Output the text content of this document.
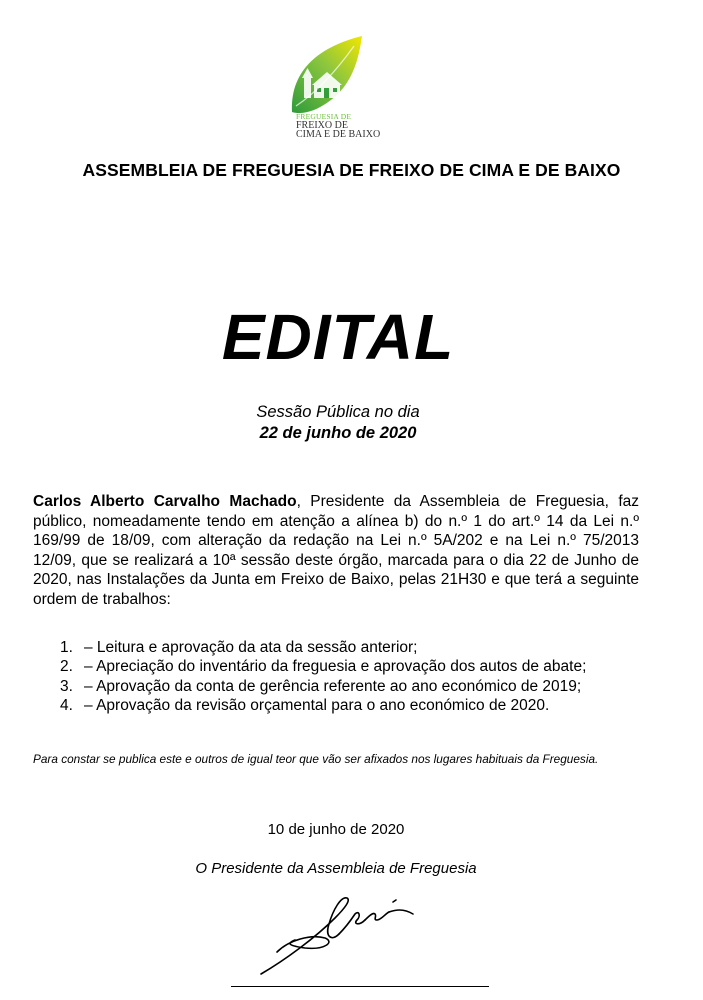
FREGUESIA DE
FREIXO DE
CIMA E DE BAIXO
ASSEMBLEIA DE FREGUESIA DE FREIXO DE CIMA E DE BAIXO
EDITAL
Sessão Pública no dia
22 de junho de 2020
Carlos Alberto Carvalho Machado, Presidente da Assembleia de Freguesia, faz público, nomeadamente tendo em atenção a alínea b) do n.º 1 do art.º 14 da Lei n.º 169/99 de 18/09, com alteração da redação na Lei n.º 5A/202 e na Lei n.º 75/2013 12/09, que se realizará a 10ª sessão deste órgão, marcada para o dia 22 de Junho de 2020, nas Instalações da Junta em Freixo de Baixo, pelas 21H30 e que terá a seguinte ordem de trabalhos:
1. – Leitura e aprovação da ata da sessão anterior;
2. – Apreciação do inventário da freguesia e aprovação dos autos de abate;
3. – Aprovação da conta de gerência referente ao ano económico de 2019;
4. – Aprovação da revisão orçamental para o ano económico de 2020.
Para constar se publica este e outros de igual teor que vão ser afixados nos lugares habituais da Freguesia.
10 de junho de 2020
O Presidente da Assembleia de Freguesia
